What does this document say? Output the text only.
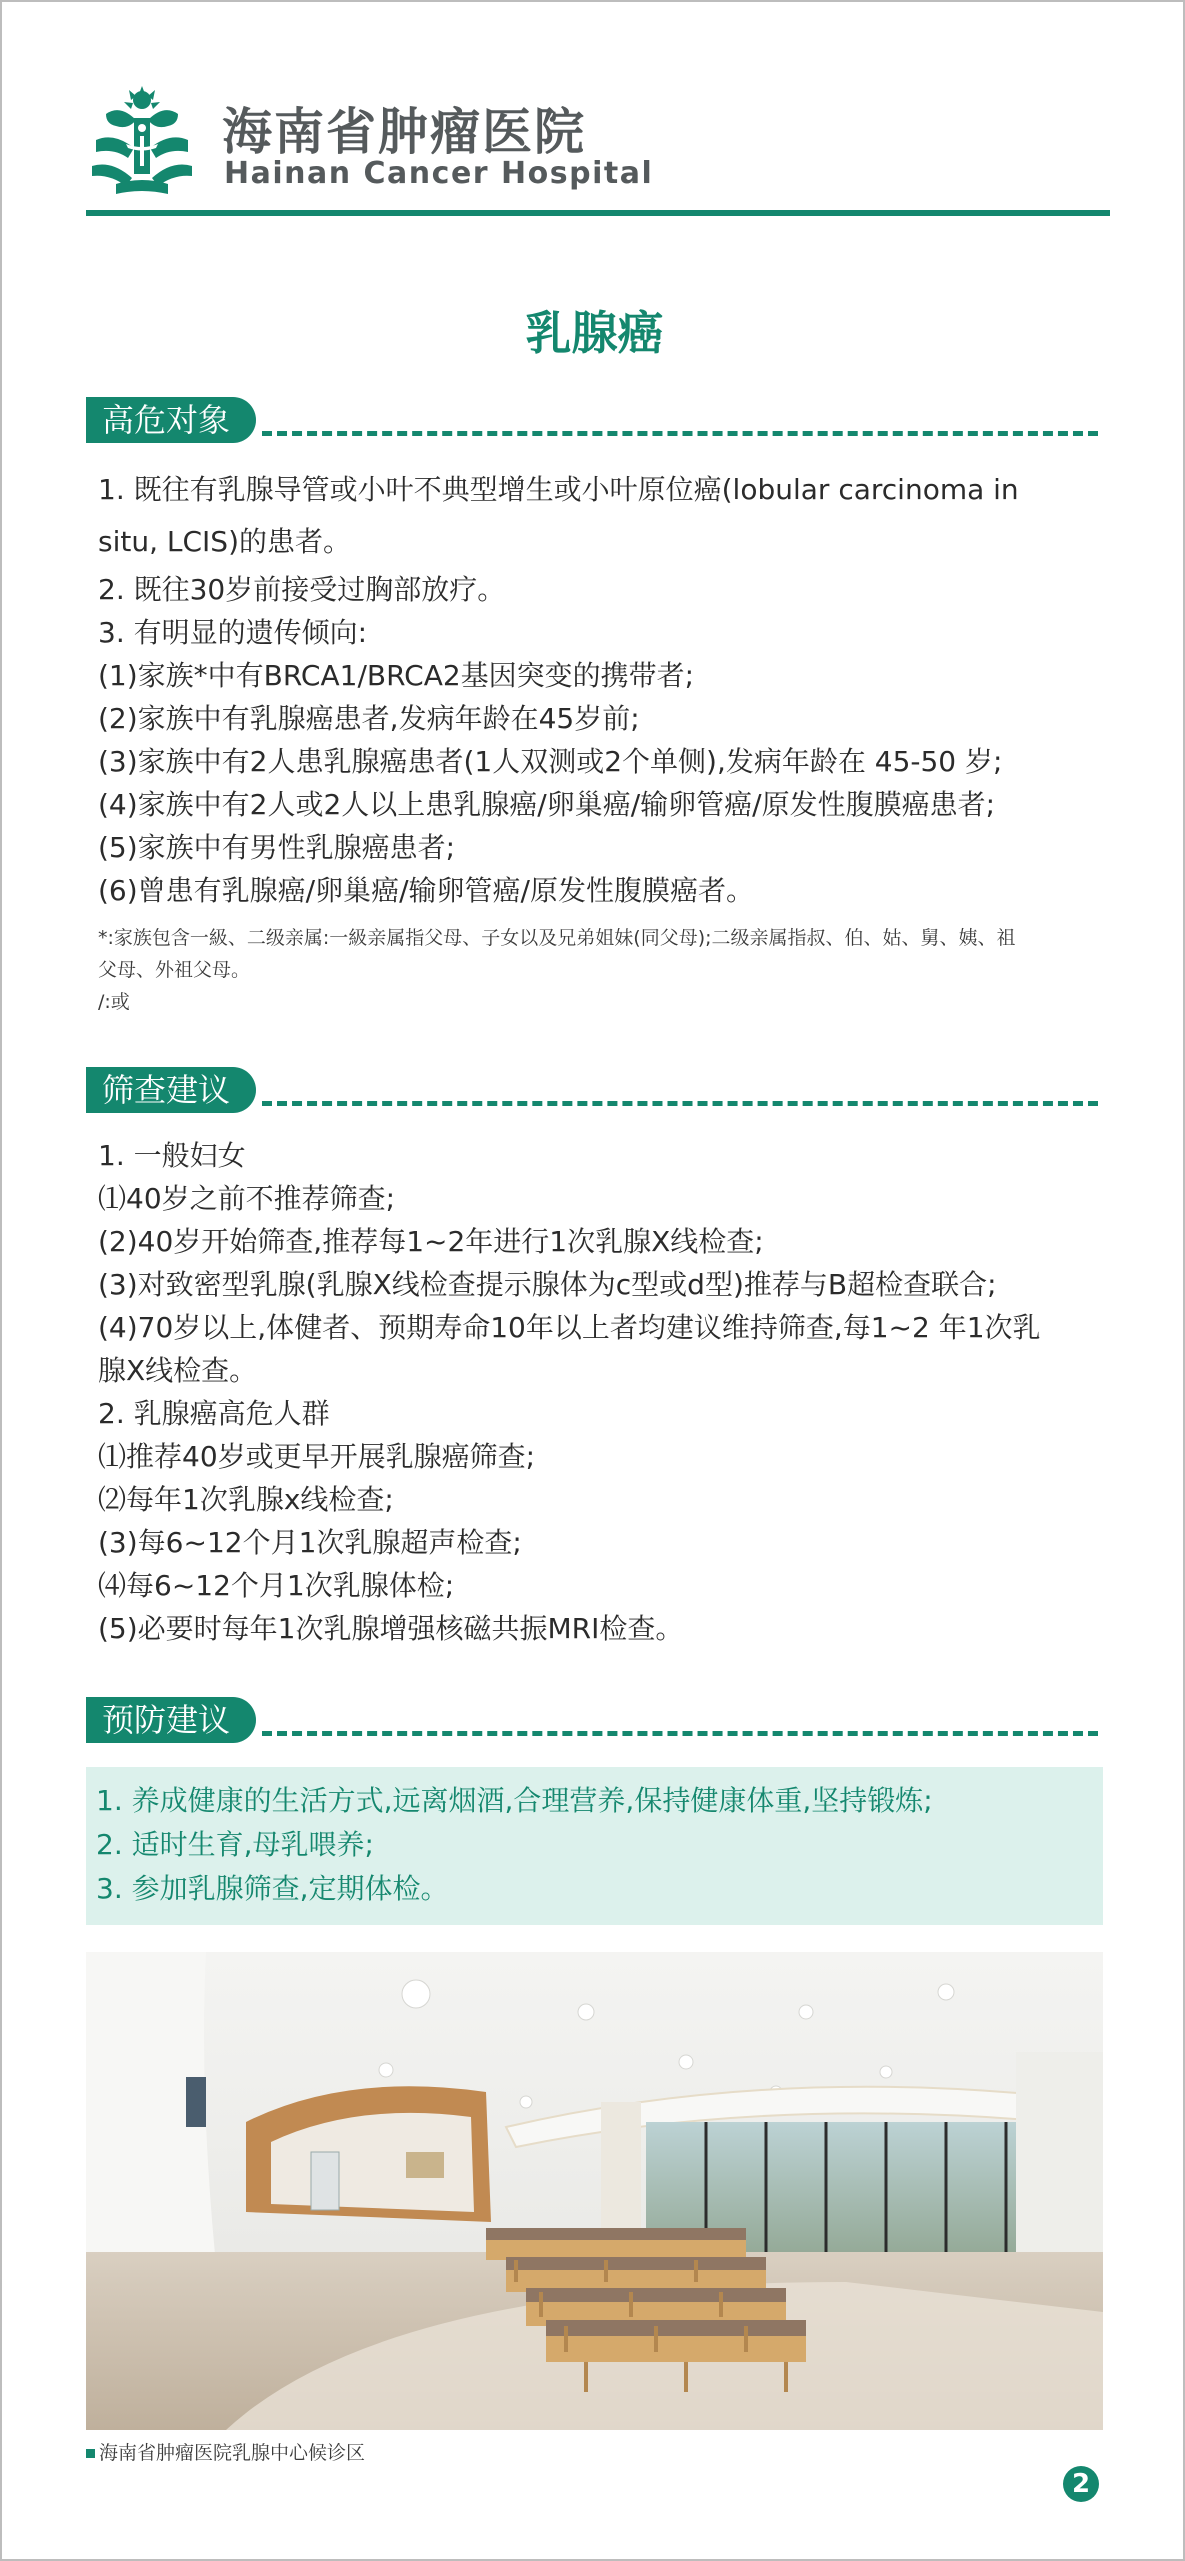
海南省肿瘤医院
Hainan Cancer Hospital
乳腺癌
高危对象
1. 既往有乳腺导管或小叶不典型增生或小叶原位癌(lobular carcinoma in
situ, LCIS)的患者。
2. 既往30岁前接受过胸部放疗。
3. 有明显的遗传倾向:
(1)家族*中有BRCA1/BRCA2基因突变的携带者;
(2)家族中有乳腺癌患者,发病年龄在45岁前;
(3)家族中有2人患乳腺癌患者(1人双测或2个单侧),发病年龄在 45-50 岁;
(4)家族中有2人或2人以上患乳腺癌/卵巢癌/输卵管癌/原发性腹膜癌患者;
(5)家族中有男性乳腺癌患者;
(6)曾患有乳腺癌/卵巢癌/输卵管癌/原发性腹膜癌者。
*:家族包含一級、二级亲属:一級亲属指父母、子女以及兄弟姐妹(同父母);二级亲属指叔、伯、姑、舅、姨、祖
父母、外祖父母。
/:或
筛查建议
1. 一般妇女
⑴40岁之前不推荐筛查;
(2)40岁开始筛查,推荐每1~2年进行1次乳腺X线检查;
(3)对致密型乳腺(乳腺X线检查提示腺体为c型或d型)推荐与B超检查联合;
(4)70岁以上,体健者、预期寿命10年以上者均建议维持筛查,每1~2 年1次乳
腺X线检查。
2. 乳腺癌高危人群
⑴推荐40岁或更早开展乳腺癌筛查;
⑵每年1次乳腺x线检查;
(3)每6~12个月1次乳腺超声检查;
⑷每6~12个月1次乳腺体检;
(5)必要时每年1次乳腺增强核磁共振MRI检查。
预防建议
1. 养成健康的生活方式,远离烟酒,合理营养,保持健康体重,坚持锻炼;
2. 适时生育,母乳喂养;
3. 参加乳腺筛查,定期体检。
海南省肿瘤医院乳腺中心候诊区
2
